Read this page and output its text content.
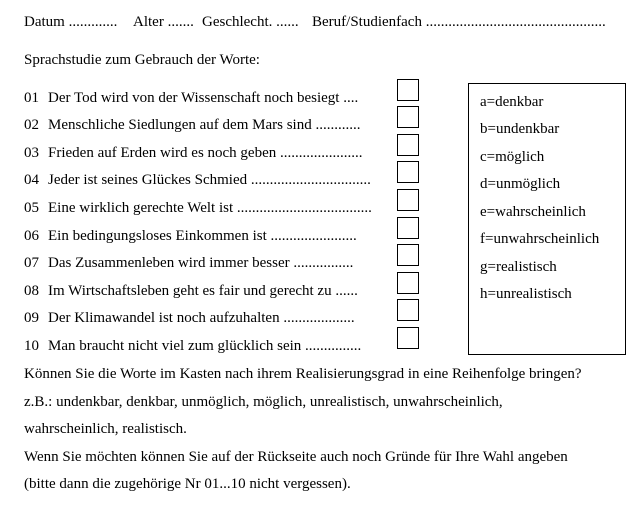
Datum ............. Alter ....... Geschlecht. ...... Beruf/Studienfach ................................................
Sprachstudie zum Gebrauch der Worte:
01 Der Tod wird von der Wissenschaft noch besiegt ....
02 Menschliche Siedlungen auf dem Mars sind ............
03 Frieden auf Erden wird es noch geben ......................
04 Jeder ist seines Glückes Schmied ................................
05 Eine wirklich gerechte Welt ist ....................................
06 Ein bedingungsloses Einkommen ist .......................
07 Das Zusammenleben wird immer besser ................
08 Im Wirtschaftsleben geht es fair und gerecht zu ......
09 Der Klimawandel ist noch aufzuhalten ...................
10 Man braucht nicht viel zum glücklich sein ...............
a=denkbar
b=undenkbar
c=möglich
d=unmöglich
e=wahrscheinlich
f=unwahrscheinlich
g=realistisch
h=unrealistisch
Können Sie die Worte im Kasten nach ihrem Realisierungsgrad in eine Reihenfolge bringen?
z.B.: undenkbar, denkbar, unmöglich, möglich, unrealistisch, unwahrscheinlich,
wahrscheinlich, realistisch.
Wenn Sie möchten können Sie auf der Rückseite auch noch Gründe für Ihre Wahl angeben
(bitte dann die zugehörige Nr 01...10 nicht vergessen).
